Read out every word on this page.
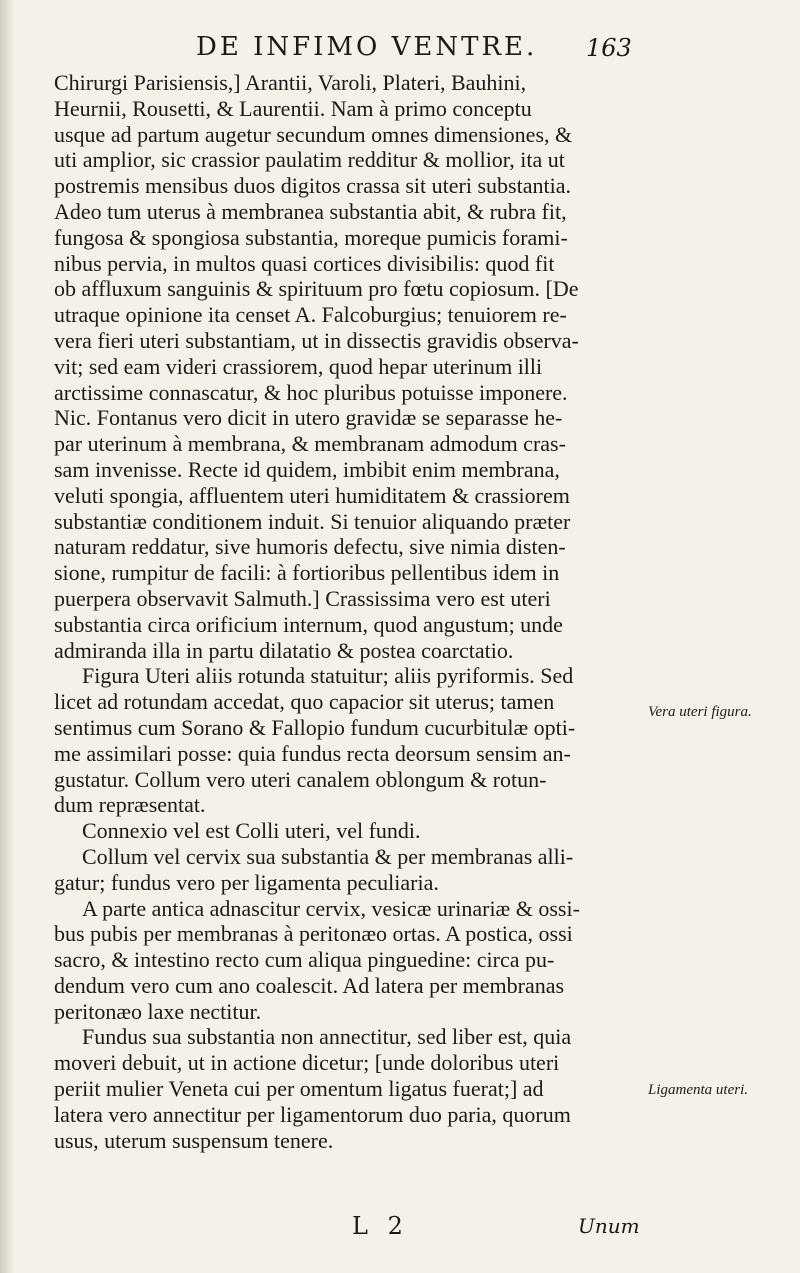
DE INFIMO VENTRE.	163

Chirurgi Parisiensis,] Arantii, Varoli, Plateri, Bauhini,
Heurnii, Rousetti, & Laurentii. Nam à primo conceptu
usque ad partum augetur secundum omnes dimensiones, &
uti amplior, sic crassior paulatim redditur & mollior, ita ut
postremis mensibus duos digitos crassa sit uteri substantia.
Adeo tum uterus à membranea substantia abit, & rubra fit,
fungosa & spongiosa substantia, moreque pumicis forami-
nibus pervia, in multos quasi cortices divisibilis: quod fit
ob affluxum sanguinis & spirituum pro fœtu copiosum. [De
utraque opinione ita censet A. Falcoburgius; tenuiorem re-
vera fieri uteri substantiam, ut in dissectis gravidis observa-
vit; sed eam videri crassiorem, quod hepar uterinum illi
arctissime connascatur, & hoc pluribus potuisse imponere.
Nic. Fontanus vero dicit in utero gravidæ se separasse he-
par uterinum à membrana, & membranam admodum cras-
sam invenisse. Recte id quidem, imbibit enim membrana,
veluti spongia, affluentem uteri humiditatem & crassiorem
substantiæ conditionem induit. Si tenuior aliquando præter
naturam reddatur, sive humoris defectu, sive nimia disten-
sione, rumpitur de facili: à fortioribus pellentibus idem in
puerpera observavit Salmuth.] Crassissima vero est uteri
substantia circa orificium internum, quod angustum; unde
admiranda illa in partu dilatatio & postea coarctatio.

Figura Uteri aliis rotunda statuitur; aliis pyriformis. Sed
licet ad rotundam accedat, quo capacior sit uterus; tamen
sentimus cum Sorano & Fallopio fundum cucurbitulæ opti-
me assimilari posse: quia fundus recta deorsum sensim an-
gustatur. Collum vero uteri canalem oblongum & rotun-
dum repræsentat.

Connexio vel est Colli uteri, vel fundi.

Collum vel cervix sua substantia & per membranas alli-
gatur; fundus vero per ligamenta peculiaria.

A parte antica adnascitur cervix, vesicæ urinariæ & ossi-
bus pubis per membranas à peritonæo ortas. A postica, ossi
sacro, & intestino recto cum aliqua pinguedine: circa pu-
dendum vero cum ano coalescit. Ad latera per membranas
peritonæo laxe nectitur.

Fundus sua substantia non annectitur, sed liber est, quia
moveri debuit, ut in actione dicetur; [unde doloribus uteri
periit mulier Veneta cui per omentum ligatus fuerat;] ad
latera vero annectitur per ligamentorum duo paria, quorum
usus, uterum suspensum tenere.

Vera uteri figura.
Ligamenta uteri.
L 2	Unum
